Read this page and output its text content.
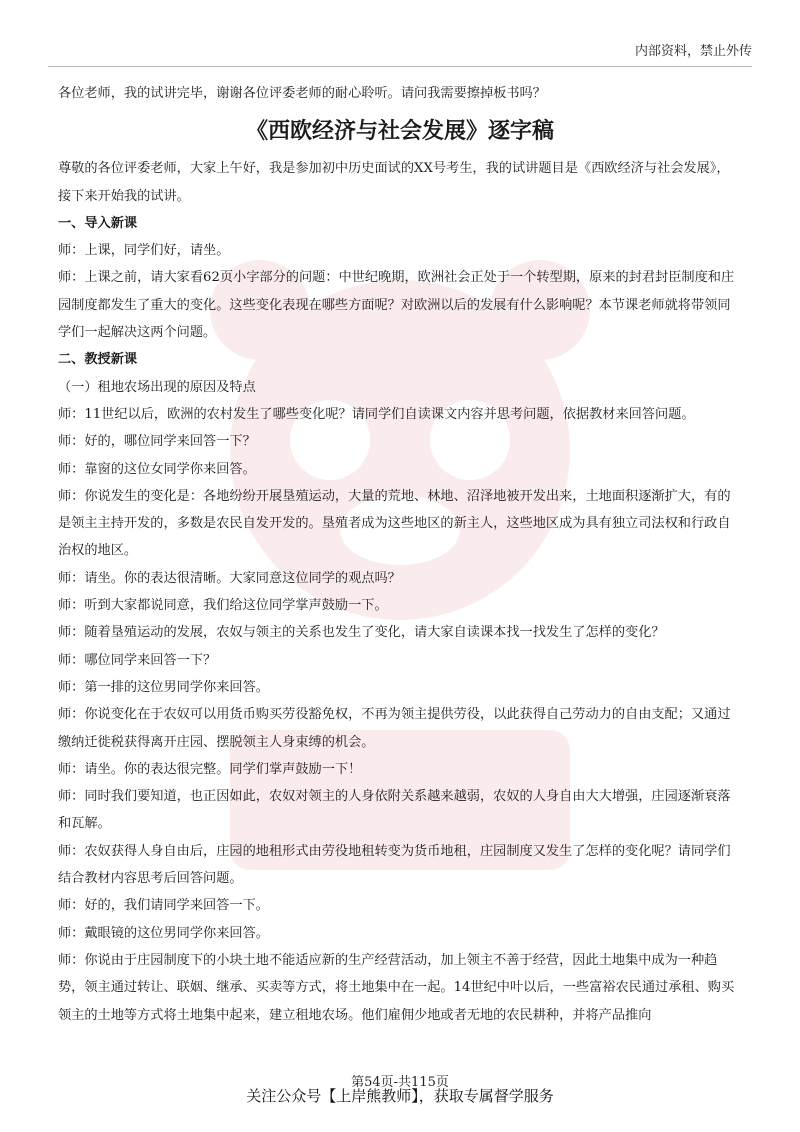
内部资料，禁止外传

各位老师，我的试讲完毕，谢谢各位评委老师的耐心聆听。请问我需要擦掉板书吗？

《西欧经济与社会发展》逐字稿

尊敬的各位评委老师，大家上午好，我是参加初中历史面试的XX号考生，我的试讲题目是《西欧经济与社会发展》，接下来开始我的试讲。

一、导入新课

师：上课，同学们好，请坐。

师：上课之前，请大家看62页小字部分的问题：中世纪晚期，欧洲社会正处于一个转型期，原来的封君封臣制度和庄园制度都发生了重大的变化。这些变化表现在哪些方面呢？对欧洲以后的发展有什么影响呢？本节课老师就将带领同学们一起解决这两个问题。

二、教授新课

（一）租地农场出现的原因及特点

师：11世纪以后，欧洲的农村发生了哪些变化呢？请同学们自读课文内容并思考问题，依据教材来回答问题。

师：好的，哪位同学来回答一下？

师：靠窗的这位女同学你来回答。

师：你说发生的变化是：各地纷纷开展垦殖运动，大量的荒地、林地、沼泽地被开发出来，土地面积逐渐扩大，有的是领主主持开发的，多数是农民自发开发的。垦殖者成为这些地区的新主人，这些地区成为具有独立司法权和行政自治权的地区。

师：请坐。你的表达很清晰。大家同意这位同学的观点吗？

师：听到大家都说同意，我们给这位同学掌声鼓励一下。

师：随着垦殖运动的发展，农奴与领主的关系也发生了变化，请大家自读课本找一找发生了怎样的变化？

师：哪位同学来回答一下？

师：第一排的这位男同学你来回答。

师：你说变化在于农奴可以用货币购买劳役豁免权，不再为领主提供劳役，以此获得自己劳动力的自由支配；又通过缴纳迁徙税获得离开庄园、摆脱领主人身束缚的机会。

师：请坐。你的表达很完整。同学们掌声鼓励一下！

师：同时我们要知道，也正因如此，农奴对领主的人身依附关系越来越弱，农奴的人身自由大大增强，庄园逐渐衰落和瓦解。

师：农奴获得人身自由后，庄园的地租形式由劳役地租转变为货币地租，庄园制度又发生了怎样的变化呢？请同学们结合教材内容思考后回答问题。

师：好的，我们请同学来回答一下。

师：戴眼镜的这位男同学你来回答。

师：你说由于庄园制度下的小块土地不能适应新的生产经营活动，加上领主不善于经营，因此土地集中成为一种趋势，领主通过转让、联姻、继承、买卖等方式，将土地集中在一起。14世纪中叶以后，一些富裕农民通过承租、购买领主的土地等方式将土地集中起来，建立租地农场。他们雇佣少地或者无地的农民耕种，并将产品推向

第54页-共115页
关注公众号【上岸熊教师】，获取专属督学服务
